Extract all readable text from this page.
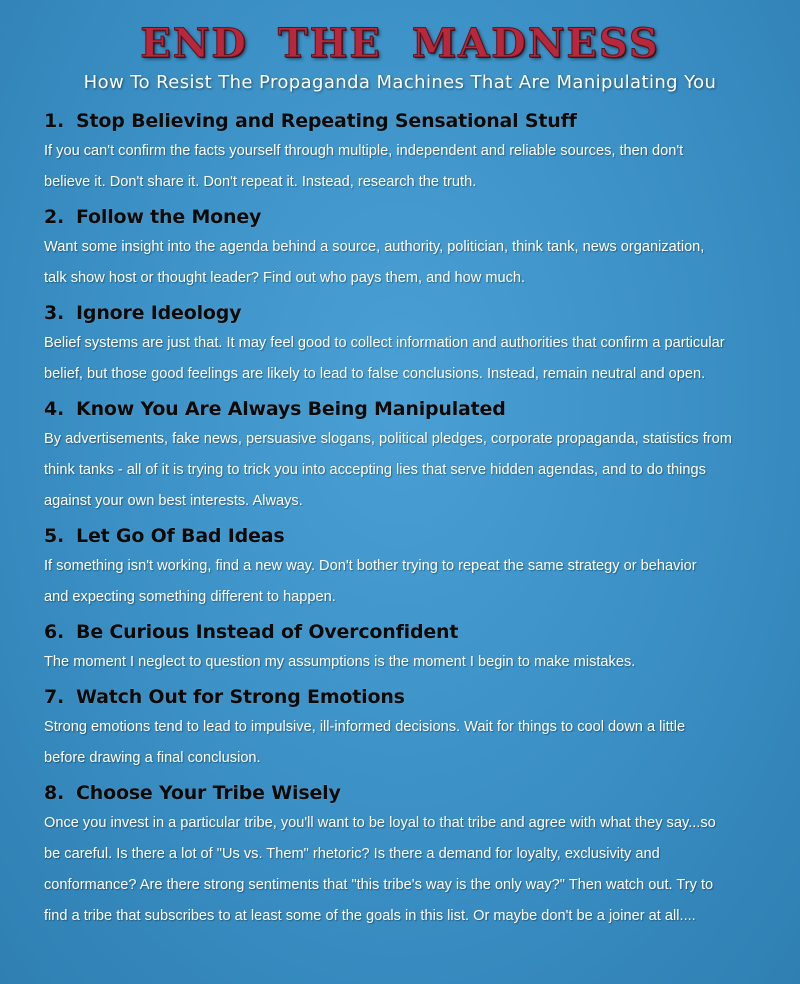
END THE MADNESS
How To Resist The Propaganda Machines That Are Manipulating You
1. Stop Believing and Repeating Sensational Stuff
If you can't confirm the facts yourself through multiple, independent and reliable sources, then don't
believe it. Don't share it. Don't repeat it. Instead, research the truth.
2. Follow the Money
Want some insight into the agenda behind a source, authority, politician, think tank, news organization,
talk show host or thought leader? Find out who pays them, and how much.
3. Ignore Ideology
Belief systems are just that. It may feel good to collect information and authorities that confirm a particular
belief, but those good feelings are likely to lead to false conclusions. Instead, remain neutral and open.
4. Know You Are Always Being Manipulated
By advertisements, fake news, persuasive slogans, political pledges, corporate propaganda, statistics from
think tanks - all of it is trying to trick you into accepting lies that serve hidden agendas, and to do things
against your own best interests. Always.
5. Let Go Of Bad Ideas
If something isn't working, find a new way. Don't bother trying to repeat the same strategy or behavior
and expecting something different to happen.
6. Be Curious Instead of Overconfident
The moment I neglect to question my assumptions is the moment I begin to make mistakes.
7. Watch Out for Strong Emotions
Strong emotions tend to lead to impulsive, ill-informed decisions. Wait for things to cool down a little
before drawing a final conclusion.
8. Choose Your Tribe Wisely
Once you invest in a particular tribe, you'll want to be loyal to that tribe and agree with what they say...so
be careful. Is there a lot of "Us vs. Them" rhetoric? Is there a demand for loyalty, exclusivity and
conformance? Are there strong sentiments that "this tribe's way is the only way?" Then watch out. Try to
find a tribe that subscribes to at least some of the goals in this list. Or maybe don't be a joiner at all....
